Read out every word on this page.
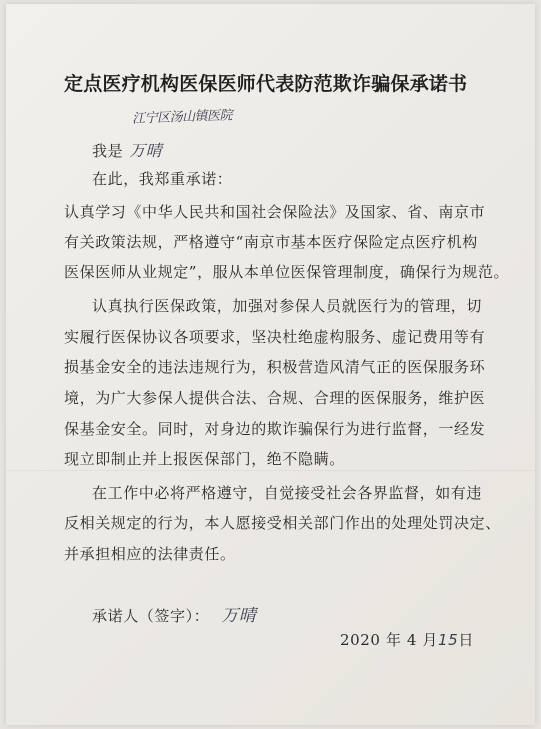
定点医疗机构医保医师代表防范欺诈骗保承诺书
江宁区汤山镇医院
我是 万晴
在此，我郑重承诺：
认真学习《中华人民共和国社会保险法》及国家、省、南京市
有关政策法规，严格遵守“南京市基本医疗保险定点医疗机构
医保医师从业规定”，服从本单位医保管理制度，确保行为规范。
认真执行医保政策，加强对参保人员就医行为的管理，切
实履行医保协议各项要求，坚决杜绝虚构服务、虚记费用等有
损基金安全的违法违规行为，积极营造风清气正的医保服务环
境，为广大参保人提供合法、合规、合理的医保服务，维护医
保基金安全。同时，对身边的欺诈骗保行为进行监督，一经发
现立即制止并上报医保部门，绝不隐瞒。
在工作中必将严格遵守，自觉接受社会各界监督，如有违
反相关规定的行为，本人愿接受相关部门作出的处理处罚决定、
并承担相应的法律责任。
承诺人（签字）： 万晴
2020 年 4 月15日
